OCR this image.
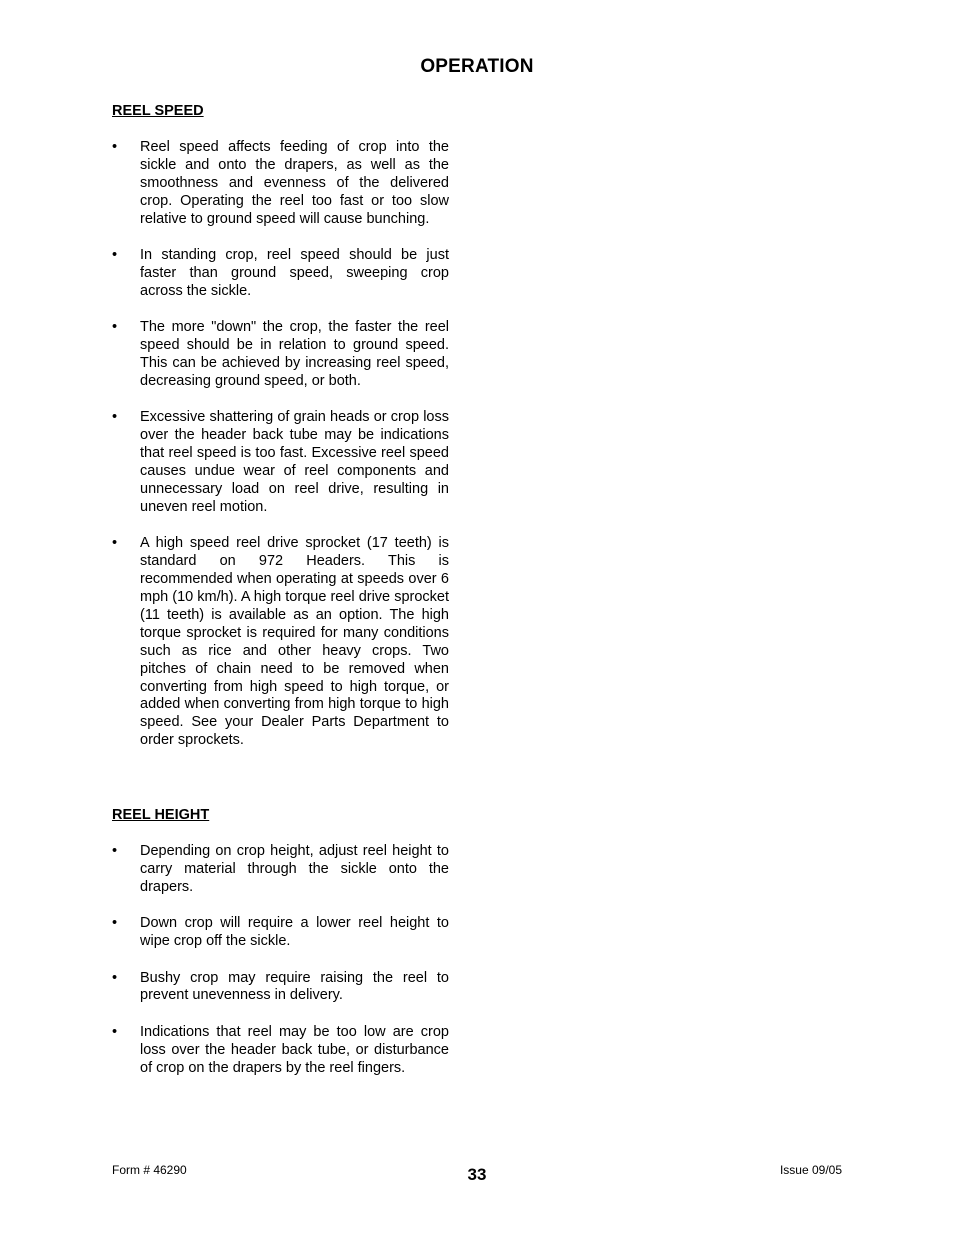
OPERATION
REEL SPEED
•	Reel speed affects feeding of crop into the sickle and onto the drapers, as well as the smoothness and evenness of the delivered crop. Operating the reel too fast or too slow relative to ground speed will cause bunching.
•	In standing crop, reel speed should be just faster than ground speed, sweeping crop across the sickle.
•	The more "down" the crop, the faster the reel speed should be in relation to ground speed. This can be achieved by increasing reel speed, decreasing ground speed, or both.
•	Excessive shattering of grain heads or crop loss over the header back tube may be indications that reel speed is too fast. Excessive reel speed causes undue wear of reel components and unnecessary load on reel drive, resulting in uneven reel motion.
•	A high speed reel drive sprocket (17 teeth) is standard on 972 Headers. This is recommended when operating at speeds over 6 mph (10 km/h). A high torque reel drive sprocket (11 teeth) is available as an option. The high torque sprocket is required for many conditions such as rice and other heavy crops. Two pitches of chain need to be removed when converting from high speed to high torque, or added when converting from high torque to high speed. See your Dealer Parts Department to order sprockets.
REEL HEIGHT
•	Depending on crop height, adjust reel height to carry material through the sickle onto the drapers.
•	Down crop will require a lower reel height to wipe crop off the sickle.
•	Bushy crop may require raising the reel to prevent unevenness in delivery.
•	Indications that reel may be too low are crop loss over the header back tube, or disturbance of crop on the drapers by the reel fingers.
Form # 46290	33	Issue 09/05
